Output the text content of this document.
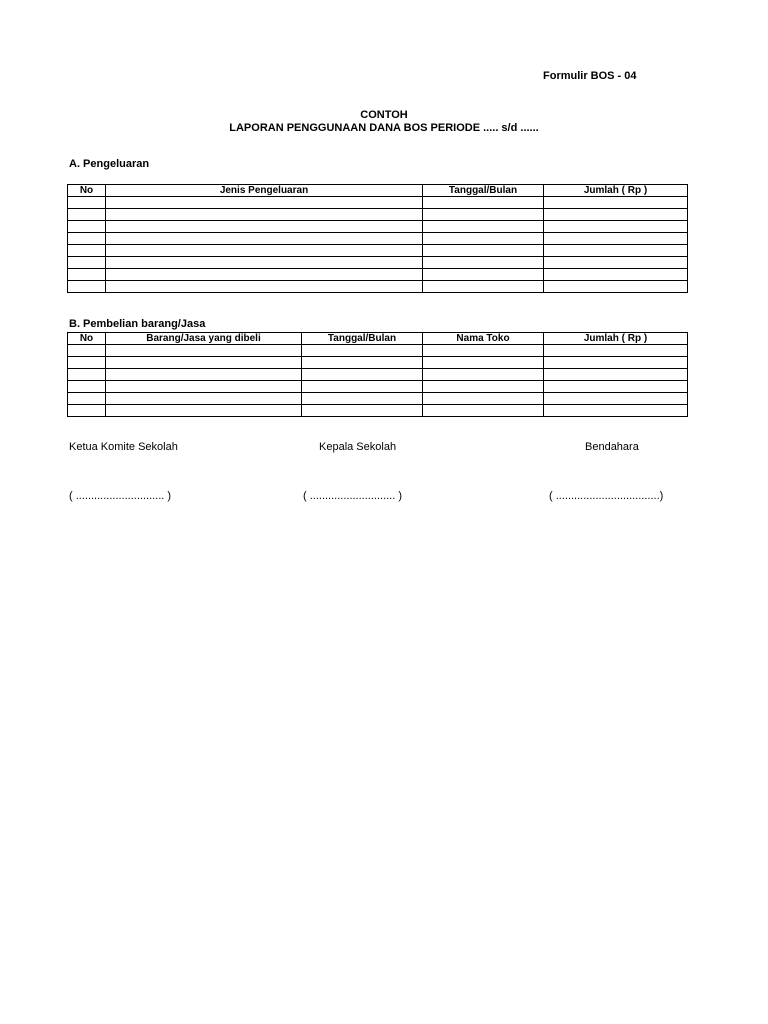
Formulir BOS - 04
CONTOH
LAPORAN PENGGUNAAN DANA BOS PERIODE ..... s/d ......
A. Pengeluaran
No	Jenis Pengeluaran	Tanggal/Bulan	Jumlah ( Rp )

B. Pembelian barang/Jasa
No	Barang/Jasa yang dibeli	Tanggal/Bulan	Nama Toko	Jumlah ( Rp )

Ketua Komite Sekolah	Kepala Sekolah	Bendahara
( ............................. )	( ............................ )	( ..................................)
